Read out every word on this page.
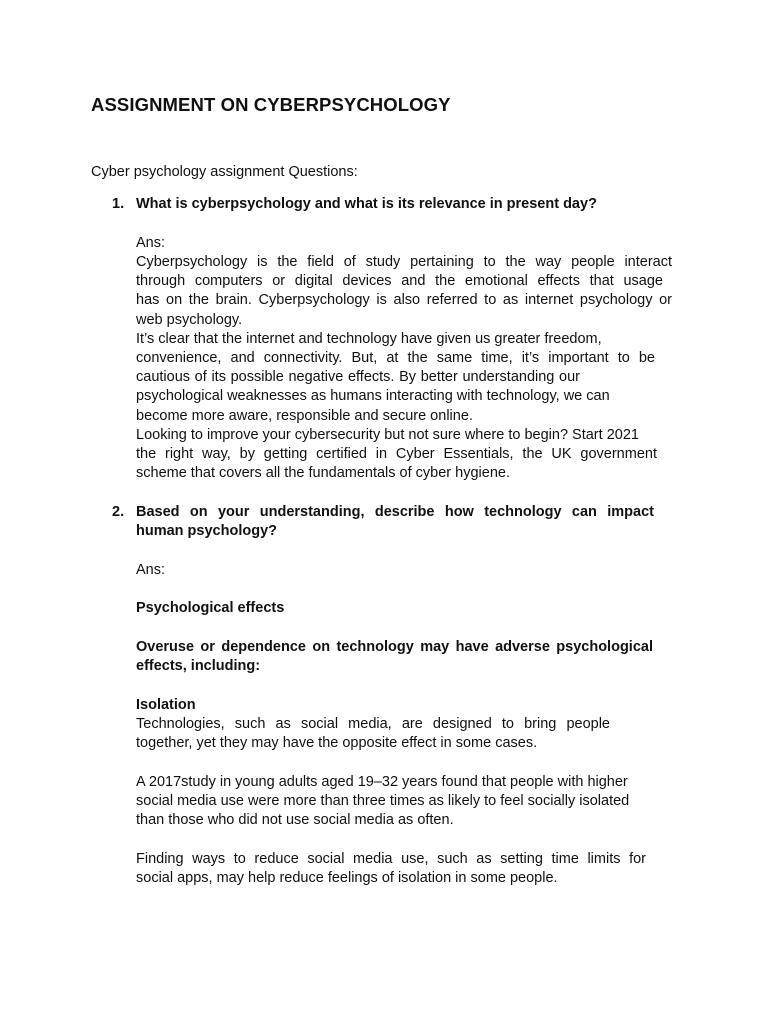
ASSIGNMENT ON CYBERPSYCHOLOGY

Cyber psychology assignment Questions:

1. What is cyberpsychology and what is its relevance in present day?

Ans:

Cyberpsychology is the field of study pertaining to the way people interact
through computers or digital devices and the emotional effects that usage
has on the brain. Cyberpsychology is also referred to as internet psychology or
web psychology.
It’s clear that the internet and technology have given us greater freedom,
convenience, and connectivity. But, at the same time, it’s important to be
cautious of its possible negative effects. By better understanding our
psychological weaknesses as humans interacting with technology, we can
become more aware, responsible and secure online.
Looking to improve your cybersecurity but not sure where to begin? Start 2021
the right way, by getting certified in Cyber Essentials, the UK government
scheme that covers all the fundamentals of cyber hygiene.
2. Based on your understanding, describe how technology can impact
human psychology?

Ans:

Psychological effects

Overuse or dependence on technology may have adverse psychological
effects, including:

Isolation

Technologies, such as social media, are designed to bring people
together, yet they may have the opposite effect in some cases.
A 2017study in young adults aged 19–32 years found that people with higher
social media use were more than three times as likely to feel socially isolated
than those who did not use social media as often.
Finding ways to reduce social media use, such as setting time limits for
social apps, may help reduce feelings of isolation in some people.
